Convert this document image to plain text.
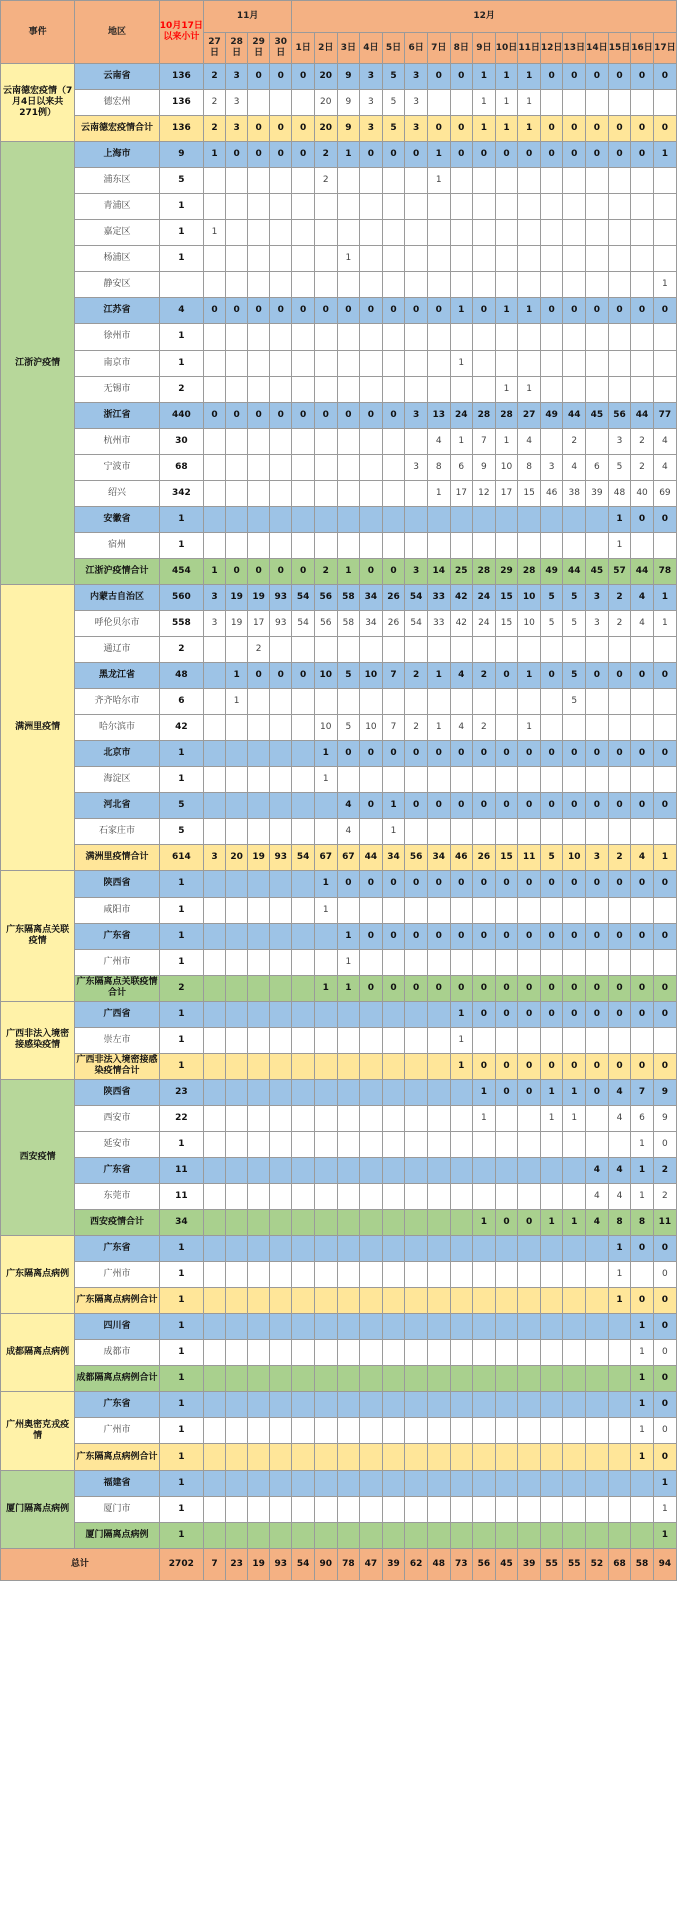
事件	地区	10月17日以来小计	11月				12月																
			27日	28日	29日	30日	1日	2日	3日	4日	5日	6日	7日	8日	9日	10日	11日	12日	13日	14日	15日	16日	17日
云南德宏疫情（7月4日以来共271例）	云南省	136	2	3	0	0	0	20	9	3	5	3	0	0	1	1	1	0	0	0	0	0	0
	德宏州	136	2	3				20	9	3	5	3			1	1	1						
	云南德宏疫情合计	136	2	3	0	0	0	20	9	3	5	3	0	0	1	1	1	0	0	0	0	0	0
江浙沪疫情	上海市	9	1	0	0	0	0	2	1	0	0	0	1	0	0	0	0	0	0	0	0	0	1
	浦东区	5						2					1										
	青浦区	1																					
	嘉定区	1	1																				
	杨浦区	1							1														
	静安区																						1
	江苏省	4	0	0	0	0	0	0	0	0	0	0	0	1	0	1	1	0	0	0	0	0	0
	徐州市	1																					
	南京市	1												1									
	无锡市	2														1	1						
	浙江省	440	0	0	0	0	0	0	0	0	0	3	13	24	28	28	27	49	44	45	56	44	77
	杭州市	30											4	1	7	1	4		2		3	2	4
	宁波市	68										3	8	6	9	10	8	3	4	6	5	2	4
	绍兴	342											1	17	12	17	15	46	38	39	48	40	69
	安徽省	1																			1	0	0
	宿州	1																			1		
	江浙沪疫情合计	454	1	0	0	0	0	2	1	0	0	3	14	25	28	29	28	49	44	45	57	44	78
满洲里疫情	内蒙古自治区	560	3	19	19	93	54	56	58	34	26	54	33	42	24	15	10	5	5	3	2	4	1
	呼伦贝尔市	558	3	19	17	93	54	56	58	34	26	54	33	42	24	15	10	5	5	3	2	4	1
	通辽市	2			2																		
	黑龙江省	48		1	0	0	0	10	5	10	7	2	1	4	2	0	1	0	5	0	0	0	0
	齐齐哈尔市	6		1															5				
	哈尔滨市	42						10	5	10	7	2	1	4	2		1						
	北京市	1						1	0	0	0	0	0	0	0	0	0	0	0	0	0	0	0
	海淀区	1						1															
	河北省	5							4	0	1	0	0	0	0	0	0	0	0	0	0	0	0
	石家庄市	5							4		1												
	满洲里疫情合计	614	3	20	19	93	54	67	67	44	34	56	34	46	26	15	11	5	10	3	2	4	1
广东隔离点关联疫情	陕西省	1						1	0	0	0	0	0	0	0	0	0	0	0	0	0	0	0
	咸阳市	1						1															
	广东省	1							1	0	0	0	0	0	0	0	0	0	0	0	0	0	0
	广州市	1							1														
	广东隔离点关联疫情合计	2						1	1	0	0	0	0	0	0	0	0	0	0	0	0	0	0
广西非法入境密接感染疫情	广西省	1												1	0	0	0	0	0	0	0	0	0
	崇左市	1												1									
	广西非法入境密接感染疫情合计	1												1	0	0	0	0	0	0	0	0	0
西安疫情	陕西省	23													1	0	0	1	1	0	4	7	9
	西安市	22													1			1	1		4	6	9
	延安市	1																				1	0
	广东省	11																		4	4	1	2
	东莞市	11																		4	4	1	2
	西安疫情合计	34													1	0	0	1	1	4	8	8	11
广东隔离点病例	广东省	1																			1	0	0
	广州市	1																			1		0
	广东隔离点病例合计	1																			1	0	0
成都隔离点病例	四川省	1																				1	0
	成都市	1																				1	0
	成都隔离点病例合计	1																				1	0
广州奥密克戎疫情	广东省	1																				1	0
	广州市	1																				1	0
	广东隔离点病例合计	1																				1	0
厦门隔离点病例	福建省	1																					1
	厦门市	1																					1
	厦门隔离点病例	1																					1
总计		2702	7	23	19	93	54	90	78	47	39	62	48	73	56	45	39	55	55	52	68	58	94
